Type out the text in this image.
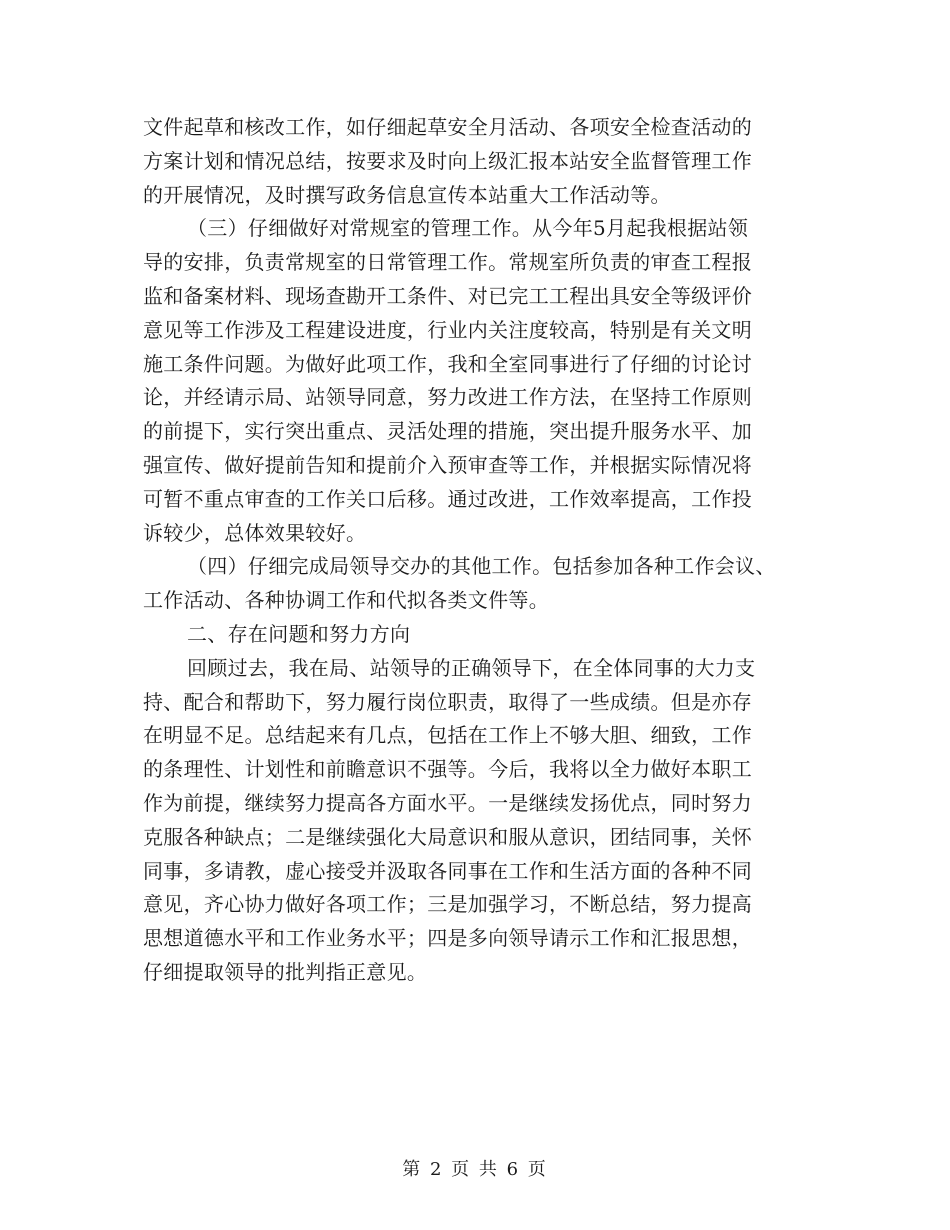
文件起草和核改工作，如仔细起草安全月活动、各项安全检查活动的
方案计划和情况总结，按要求及时向上级汇报本站安全监督管理工作
的开展情况，及时撰写政务信息宣传本站重大工作活动等。
（三）仔细做好对常规室的管理工作。从今年5月起我根据站领
导的安排，负责常规室的日常管理工作。常规室所负责的审查工程报
监和备案材料、现场查勘开工条件、对已完工工程出具安全等级评价
意见等工作涉及工程建设进度，行业内关注度较高，特别是有关文明
施工条件问题。为做好此项工作，我和全室同事进行了仔细的讨论讨
论，并经请示局、站领导同意，努力改进工作方法，在坚持工作原则
的前提下，实行突出重点、灵活处理的措施，突出提升服务水平、加
强宣传、做好提前告知和提前介入预审查等工作，并根据实际情况将
可暂不重点审查的工作关口后移。通过改进，工作效率提高，工作投
诉较少，总体效果较好。
（四）仔细完成局领导交办的其他工作。包括参加各种工作会议、
工作活动、各种协调工作和代拟各类文件等。
二、存在问题和努力方向
回顾过去，我在局、站领导的正确领导下，在全体同事的大力支
持、配合和帮助下，努力履行岗位职责，取得了一些成绩。但是亦存
在明显不足。总结起来有几点，包括在工作上不够大胆、细致，工作
的条理性、计划性和前瞻意识不强等。今后，我将以全力做好本职工
作为前提，继续努力提高各方面水平。一是继续发扬优点，同时努力
克服各种缺点；二是继续强化大局意识和服从意识，团结同事，关怀
同事，多请教，虚心接受并汲取各同事在工作和生活方面的各种不同
意见，齐心协力做好各项工作；三是加强学习，不断总结，努力提高
思想道德水平和工作业务水平；四是多向领导请示工作和汇报思想，
仔细提取领导的批判指正意见。
第 2 页 共 6 页
